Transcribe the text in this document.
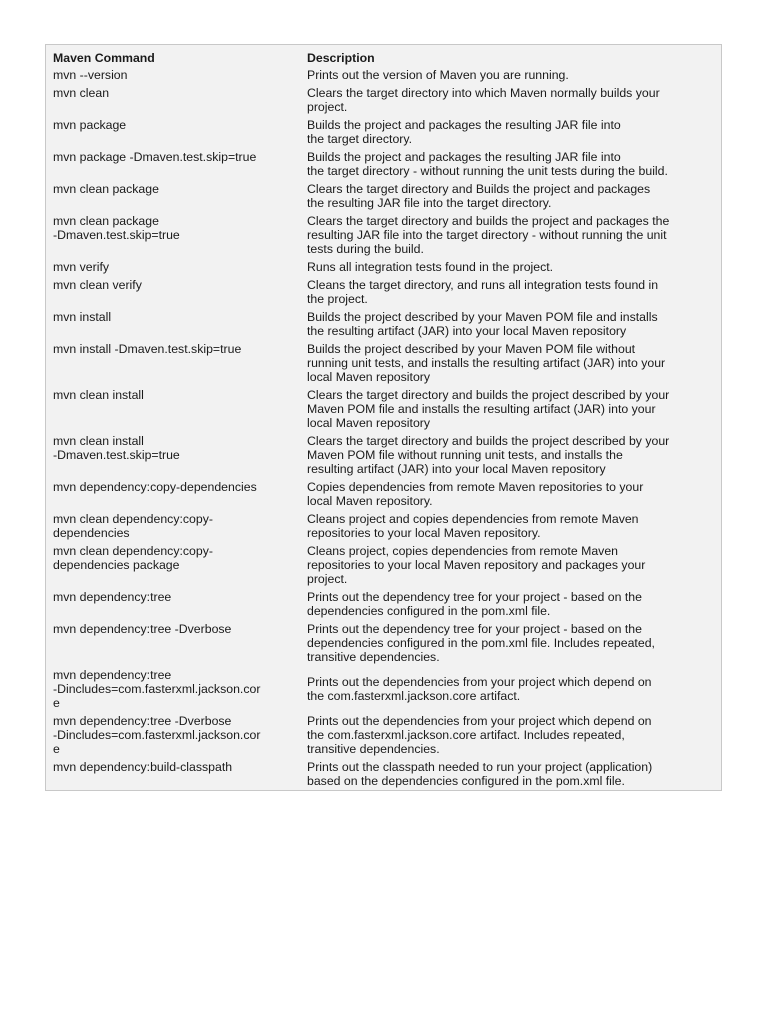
Maven Command	Description
mvn --version	Prints out the version of Maven you are running.
mvn clean	Clears the target directory into which Maven normally builds your
project.
mvn package	Builds the project and packages the resulting JAR file into
the target directory.
mvn package -Dmaven.test.skip=true	Builds the project and packages the resulting JAR file into
the target directory - without running the unit tests during the build.
mvn clean package	Clears the target directory and Builds the project and packages
the resulting JAR file into the target directory.
mvn clean package
-Dmaven.test.skip=true	Clears the target directory and builds the project and packages the
resulting JAR file into the target directory - without running the unit
tests during the build.
mvn verify	Runs all integration tests found in the project.
mvn clean verify	Cleans the target directory, and runs all integration tests found in
the project.
mvn install	Builds the project described by your Maven POM file and installs
the resulting artifact (JAR) into your local Maven repository
mvn install -Dmaven.test.skip=true	Builds the project described by your Maven POM file without
running unit tests, and installs the resulting artifact (JAR) into your
local Maven repository
mvn clean install	Clears the target directory and builds the project described by your
Maven POM file and installs the resulting artifact (JAR) into your
local Maven repository
mvn clean install
-Dmaven.test.skip=true	Clears the target directory and builds the project described by your
Maven POM file without running unit tests, and installs the
resulting artifact (JAR) into your local Maven repository
mvn dependency:copy-dependencies	Copies dependencies from remote Maven repositories to your
local Maven repository.
mvn clean dependency:copy-
dependencies	Cleans project and copies dependencies from remote Maven
repositories to your local Maven repository.
mvn clean dependency:copy-
dependencies package	Cleans project, copies dependencies from remote Maven
repositories to your local Maven repository and packages your
project.
mvn dependency:tree	Prints out the dependency tree for your project - based on the
dependencies configured in the pom.xml file.
mvn dependency:tree -Dverbose	Prints out the dependency tree for your project - based on the
dependencies configured in the pom.xml file. Includes repeated,
transitive dependencies.
mvn dependency:tree
-Dincludes=com.fasterxml.jackson.cor
e	Prints out the dependencies from your project which depend on
the com.fasterxml.jackson.core artifact.
mvn dependency:tree -Dverbose
-Dincludes=com.fasterxml.jackson.cor
e	Prints out the dependencies from your project which depend on
the com.fasterxml.jackson.core artifact. Includes repeated,
transitive dependencies.
mvn dependency:build-classpath	Prints out the classpath needed to run your project (application)
based on the dependencies configured in the pom.xml file.
